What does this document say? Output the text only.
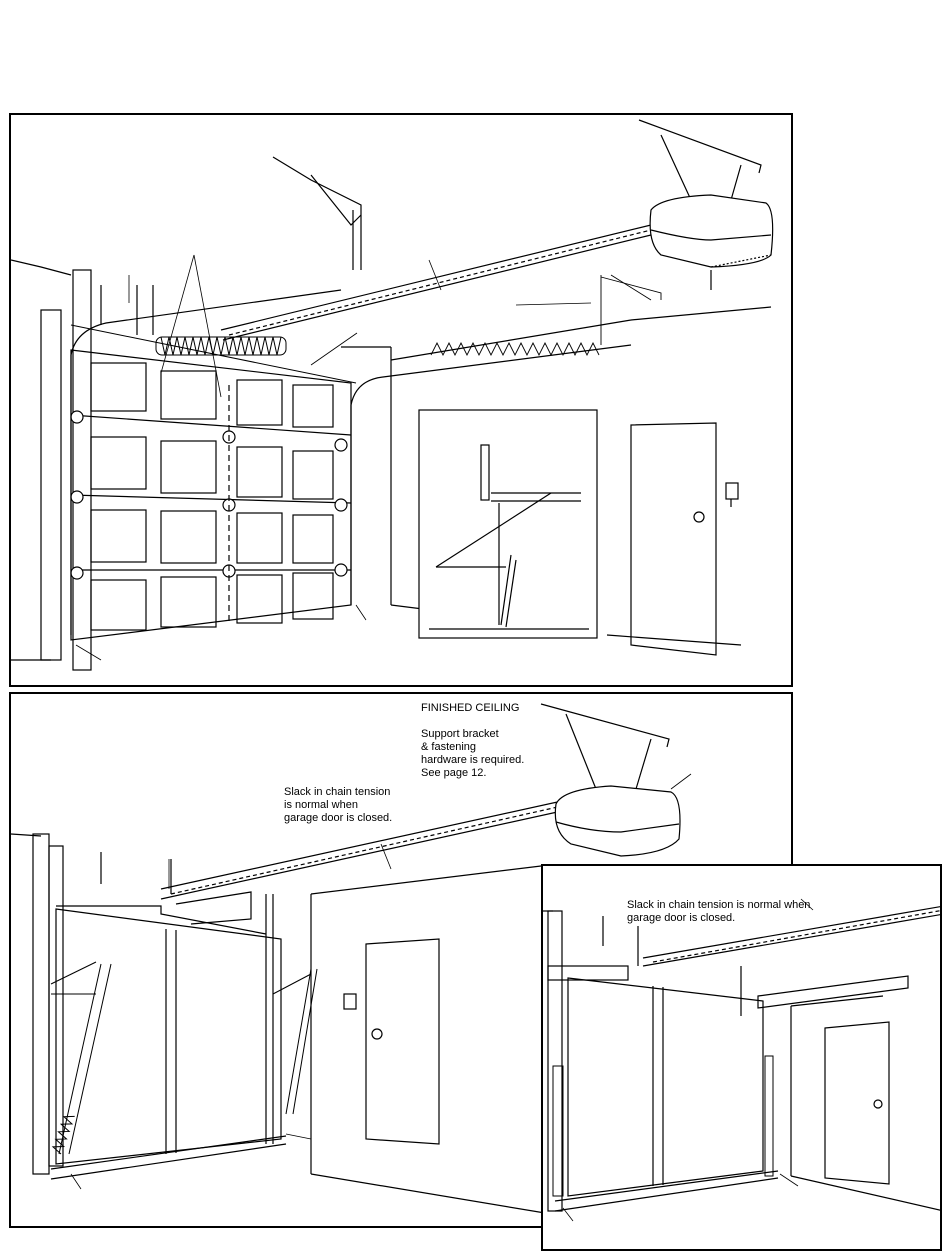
FINISHED CEILING
Support bracket
& fastening
hardware is required.
See page 12.
Slack in chain tension
is normal when
garage door is closed.
Slack in chain tension is normal when
garage door is closed.
